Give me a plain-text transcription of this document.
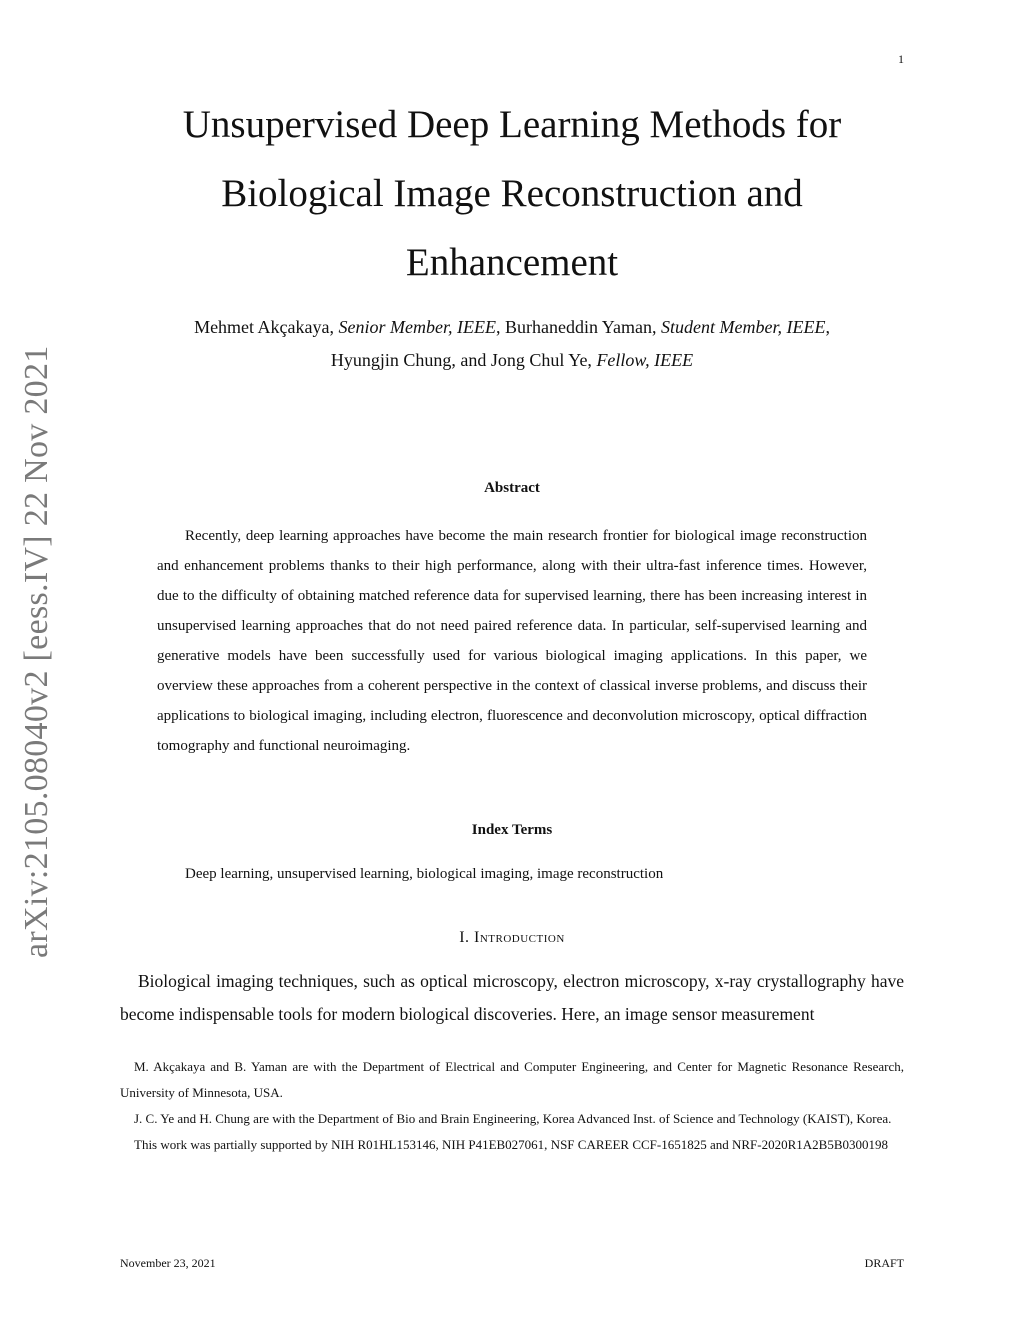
1
arXiv:2105.08040v2 [eess.IV] 22 Nov 2021
Unsupervised Deep Learning Methods for
Biological Image Reconstruction and
Enhancement
Mehmet Akçakaya, Senior Member, IEEE, Burhaneddin Yaman, Student Member, IEEE,
Hyungjin Chung, and Jong Chul Ye, Fellow, IEEE
Abstract

Recently, deep learning approaches have become the main research frontier for biological image reconstruction and enhancement problems thanks to their high performance, along with their ultra-fast inference times. However, due to the difficulty of obtaining matched reference data for supervised learning, there has been increasing interest in unsupervised learning approaches that do not need paired reference data. In particular, self-supervised learning and generative models have been successfully used for various biological imaging applications. In this paper, we overview these approaches from a coherent perspective in the context of classical inverse problems, and discuss their applications to biological imaging, including electron, fluorescence and deconvolution microscopy, optical diffraction tomography and functional neuroimaging.

Index Terms
Deep learning, unsupervised learning, biological imaging, image reconstruction
I. Introduction

Biological imaging techniques, such as optical microscopy, electron microscopy, x-ray crystallography have become indispensable tools for modern biological discoveries. Here, an image sensor measurement

M. Akçakaya and B. Yaman are with the Department of Electrical and Computer Engineering, and Center for Magnetic Resonance Research, University of Minnesota, USA.

J. C. Ye and H. Chung are with the Department of Bio and Brain Engineering, Korea Advanced Inst. of Science and Technology (KAIST), Korea.

This work was partially supported by NIH R01HL153146, NIH P41EB027061, NSF CAREER CCF-1651825 and NRF-2020R1A2B5B0300198

November 23, 2021	DRAFT
